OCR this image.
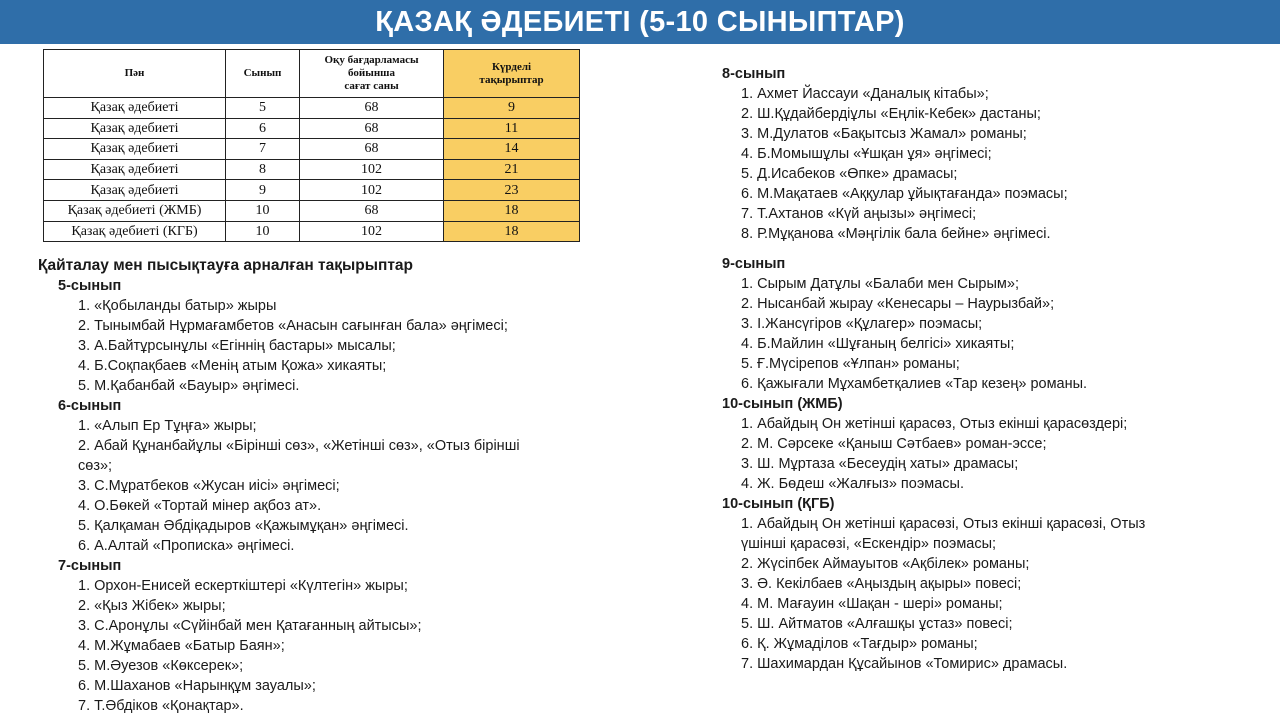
ҚАЗАҚ ӘДЕБИЕТІ (5-10 СЫНЫПТАР)
Пән	Сынып	Оқу бағдарламасы
бойынша
сағат саны	Күрделі
тақырыптар
Қазақ әдебиеті	5	68	9
Қазақ әдебиеті	6	68	11
Қазақ әдебиеті	7	68	14
Қазақ әдебиеті	8	102	21
Қазақ әдебиеті	9	102	23
Қазақ әдебиеті (ЖМБ)	10	68	18
Қазақ әдебиеті (КГБ)	10	102	18
Қайталау мен пысықтауға арналған тақырыптар
5-сынып
1. «Қобыланды батыр» жыры
2. Тынымбай Нұрмағамбетов «Анасын сағынған бала» әңгімесі;
3. А.Байтұрсынұлы «Егіннің бастары» мысалы;
4. Б.Соқпақбаев «Менің атым Қожа» хикаяты;
5. М.Қабанбай «Бауыр» әңгімесі.
6-сынып
1. «Алып Ер Тұңға» жыры;
2. Абай Құнанбайұлы «Бірінші сөз», «Жетінші сөз», «Отыз бірінші
сөз»;
3. С.Мұратбеков «Жусан иісі» әңгімесі;
4. О.Бөкей «Тортай мінер ақбоз ат».
5. Қалқаман Әбдіқадыров «Қажымұқан» әңгімесі.
6. А.Алтай «Прописка» әңгімесі.
7-сынып
1. Орхон-Енисей ескерткіштері «Күлтегін» жыры;
2. «Қыз Жібек» жыры;
3. С.Аронұлы «Сүйінбай мен Қатағанның айтысы»;
4. М.Жұмабаев «Батыр Баян»;
5. М.Әуезов «Көксерек»;
6. М.Шаханов «Нарынқұм зауалы»;
7. Т.Әбдіков «Қонақтар».
8-сынып
1. Ахмет Йассауи «Даналық кітабы»;
2. Ш.Құдайбердіұлы «Еңлік-Кебек» дастаны;
3. М.Дулатов «Бақытсыз Жамал» романы;
4. Б.Момышұлы «Ұшқан ұя» әңгімесі;
5. Д.Исабеков «Өпке» драмасы;
6. М.Мақатаев «Аққулар ұйықтағанда» поэмасы;
7. Т.Ахтанов «Күй аңызы» әңгімесі;
8. Р.Мұқанова «Мәңгілік бала бейне» әңгімесі.
9-сынып
1. Сырым Датұлы «Балаби мен Сырым»;
2. Нысанбай жырау «Кенесары – Наурызбай»;
3. І.Жансүгіров «Құлагер» поэмасы;
4. Б.Майлин «Шұғаның белгісі» хикаяты;
5. Ғ.Мүсірепов «Ұлпан» романы;
6. Қажығали Мұхамбетқалиев «Тар кезең» романы.
10-сынып (ЖМБ)
1. Абайдың Он жетінші қарасөз, Отыз екінші қарасөздері;
2. М. Сәрсеке «Қаныш Сәтбаев» роман-эссе;
3. Ш. Мұртаза «Бесеудің хаты» драмасы;
4. Ж. Бөдеш «Жалғыз» поэмасы.
10-сынып (ҚГБ)
1. Абайдың Он жетінші қарасөзі, Отыз екінші қарасөзі, Отыз
үшінші қарасөзі, «Ескендір» поэмасы;
2. Жүсіпбек Аймауытов «Ақбілек» романы;
3. Ә. Кекілбаев «Аңыздың ақыры» повесі;
4. М. Мағауин «Шақан - шері» романы;
5. Ш. Айтматов «Алғашқы ұстаз» повесі;
6. Қ. Жұмаділов «Тағдыр» романы;
7. Шахимардан Құсайынов «Томирис» драмасы.
